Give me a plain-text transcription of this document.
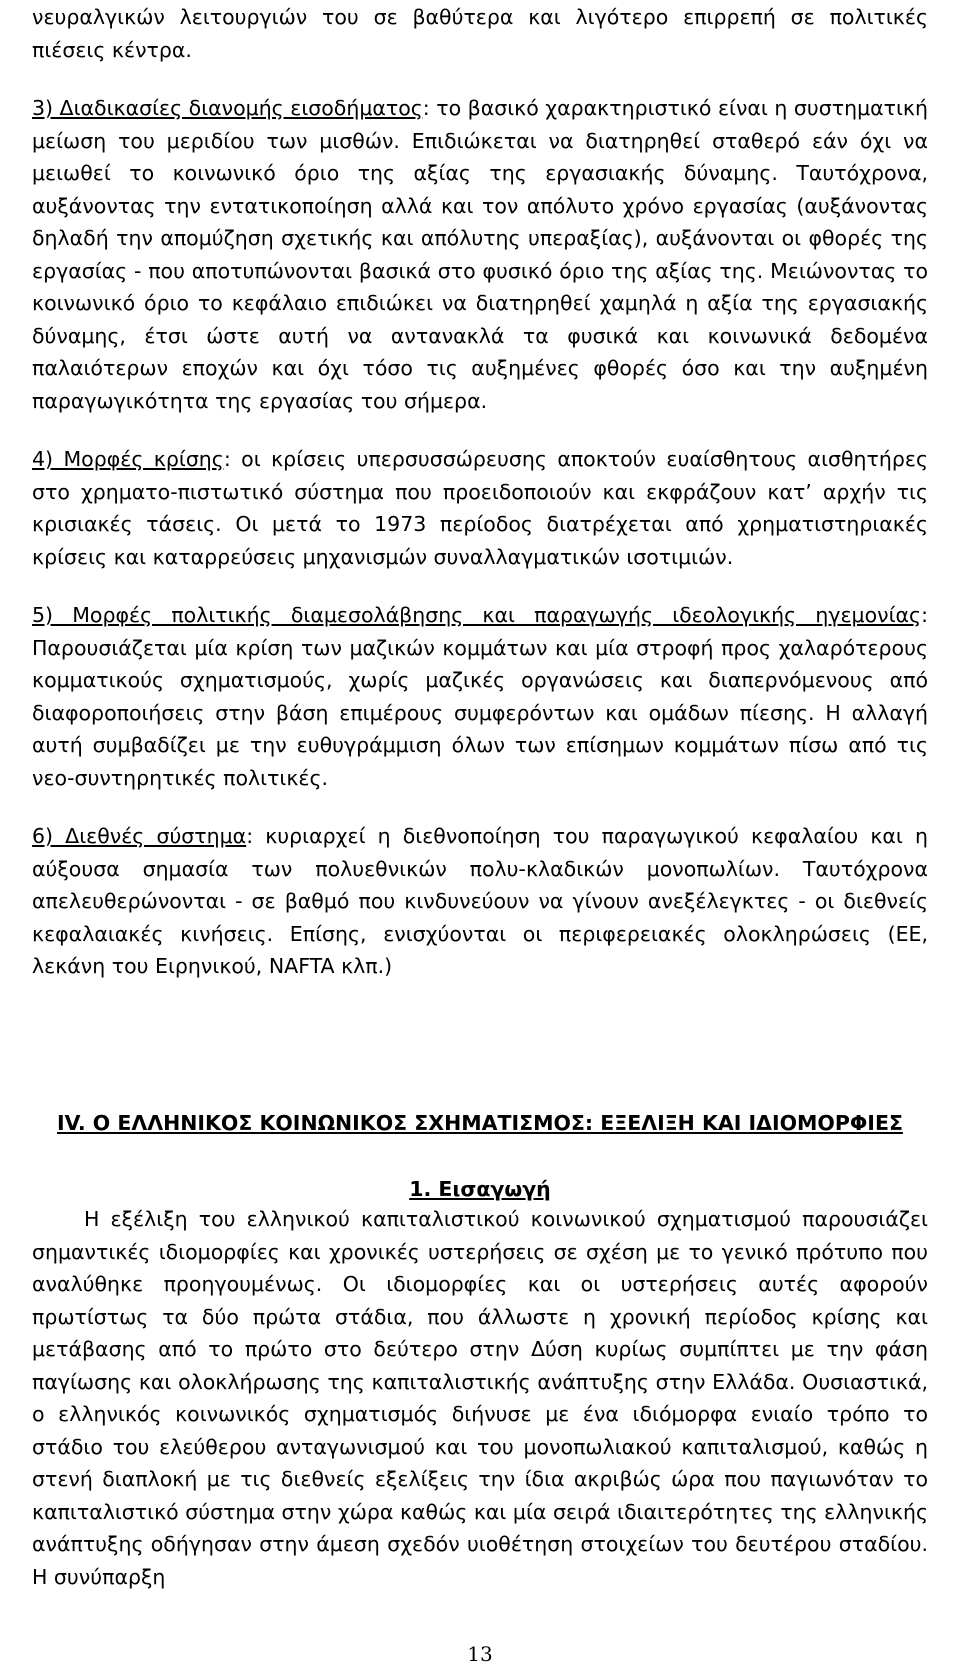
νευραλγικών λειτουργιών του σε βαθύτερα και λιγότερο επιρρεπή σε πολιτικές πιέσεις κέντρα.

3) Διαδικασίες διανομής εισοδήματος: το βασικό χαρακτηριστικό είναι η συστηματική μείωση του μεριδίου των μισθών. Επιδιώκεται να διατηρηθεί σταθερό εάν όχι να μειωθεί το κοινωνικό όριο της αξίας της εργασιακής δύναμης. Ταυτόχρονα, αυξάνοντας την εντατικοποίηση αλλά και τον απόλυτο χρόνο εργασίας (αυξάνοντας δηλαδή την απομύζηση σχετικής και απόλυτης υπεραξίας), αυξάνονται οι φθορές της εργασίας - που αποτυπώνονται βασικά στο φυσικό όριο της αξίας της. Μειώνοντας το κοινωνικό όριο το κεφάλαιο επιδιώκει να διατηρηθεί χαμηλά η αξία της εργασιακής δύναμης, έτσι ώστε αυτή να αντανακλά τα φυσικά και κοινωνικά δεδομένα παλαιότερων εποχών και όχι τόσο τις αυξημένες φθορές όσο και την αυξημένη παραγωγικότητα της εργασίας του σήμερα.

4) Μορφές κρίσης: οι κρίσεις υπερσυσσώρευσης αποκτούν ευαίσθητους αισθητήρες στο χρηματο-πιστωτικό σύστημα που προειδοποιούν και εκφράζουν κατ’ αρχήν τις κρισιακές τάσεις. Οι μετά το 1973 περίοδος διατρέχεται από χρηματιστηριακές κρίσεις και καταρρεύσεις μηχανισμών συναλλαγματικών ισοτιμιών.

5) Μορφές πολιτικής διαμεσολάβησης και παραγωγής ιδεολογικής ηγεμονίας: Παρουσιάζεται μία κρίση των μαζικών κομμάτων και μία στροφή προς χαλαρότερους κομματικούς σχηματισμούς, χωρίς μαζικές οργανώσεις και διαπερνόμενους από διαφοροποιήσεις στην βάση επιμέρους συμφερόντων και ομάδων πίεσης. Η αλλαγή αυτή συμβαδίζει με την ευθυγράμμιση όλων των επίσημων κομμάτων πίσω από τις νεο-συντηρητικές πολιτικές.

6) Διεθνές σύστημα: κυριαρχεί η διεθνοποίηση του παραγωγικού κεφαλαίου και η αύξουσα σημασία των πολυεθνικών πολυ-κλαδικών μονοπωλίων. Ταυτόχρονα απελευθερώνονται - σε βαθμό που κινδυνεύουν να γίνουν ανεξέλεγκτες - οι διεθνείς κεφαλαιακές κινήσεις. Επίσης, ενισχύονται οι περιφερειακές ολοκληρώσεις (ΕΕ, λεκάνη του Ειρηνικού, NAFTA κλπ.)

IV. Ο ΕΛΛΗΝΙΚΟΣ ΚΟΙΝΩΝΙΚΟΣ ΣΧΗΜΑΤΙΣΜΟΣ: ΕΞΕΛΙΞΗ ΚΑΙ ΙΔΙΟΜΟΡΦΙΕΣ
1. Εισαγωγή

Η εξέλιξη του ελληνικού καπιταλιστικού κοινωνικού σχηματισμού παρουσιάζει σημαντικές ιδιομορφίες και χρονικές υστερήσεις σε σχέση με το γενικό πρότυπο που αναλύθηκε προηγουμένως. Οι ιδιομορφίες και οι υστερήσεις αυτές αφορούν πρωτίστως τα δύο πρώτα στάδια, που άλλωστε η χρονική περίοδος κρίσης και μετάβασης από το πρώτο στο δεύτερο στην Δύση κυρίως συμπίπτει με την φάση παγίωσης και ολοκλήρωσης της καπιταλιστικής ανάπτυξης στην Ελλάδα. Ουσιαστικά, ο ελληνικός κοινωνικός σχηματισμός διήνυσε με ένα ιδιόμορφα ενιαίο τρόπο το στάδιο του ελεύθερου ανταγωνισμού και του μονοπωλιακού καπιταλισμού, καθώς η στενή διαπλοκή με τις διεθνείς εξελίξεις την ίδια ακριβώς ώρα που παγιωνόταν το καπιταλιστικό σύστημα στην χώρα καθώς και μία σειρά ιδιαιτερότητες της ελληνικής ανάπτυξης οδήγησαν στην άμεση σχεδόν υιοθέτηση στοιχείων του δευτέρου σταδίου. Η συνύπαρξη

13
